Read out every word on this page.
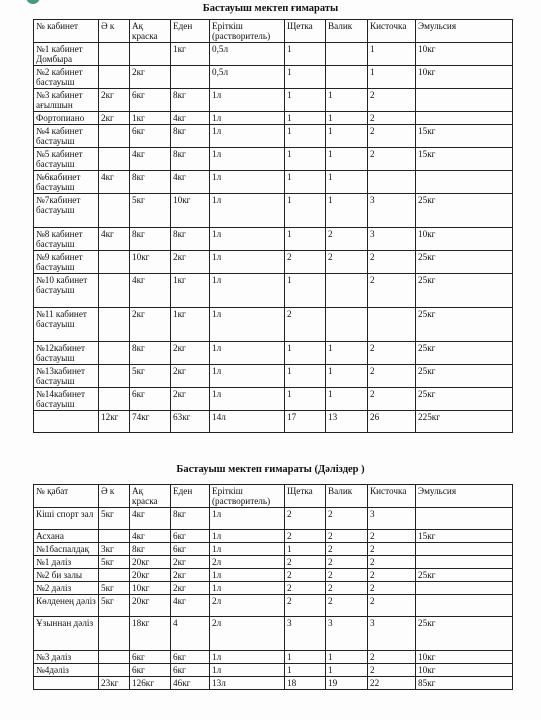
Бастауыш мектеп ғимараты
№ кабинет	Ә к	Ақ краска	Еден	Еріткіш (растворитель)	Щетка	Валик	Кисточка	Эмульсия
№1 кабинет Домбыра			1кг	0,5л	1		1	10кг
№2 кабинет бастауыш		2кг		0,5л	1		1	10кг
№3 кабинет ағылшын	2кг	6кг	8кг	1л	1	1	2	
Фортопиано	2кг	1кг	4кг	1л	1	1	2	
№4 кабинет бастауыш		6кг	8кг	1л	1	1	2	15кг
№5 кабинет бастауыш		4кг	8кг	1л	1	1	2	15кг
№6кабинет бастауыш	4кг	8кг	4кг	1л	1	1		
№7кабинет бастауыш		5кг	10кг	1л	1	1	3	25кг
№8 кабинет бастауыш	4кг	8кг	8кг	1л	1	2	3	10кг
№9 кабинет бастауыш		10кг	2кг	1л	2	2	2	25кг
№10 кабинет бастауыш		4кг	1кг	1л	1		2	25кг
№11 кабинет бастауыш		2кг	1кг	1л	2			25кг
№12кабинет бастауыш		8кг	2кг	1л	1	1	2	25кг
№13кабинет бастауыш		5кг	2кг	1л	1	1	2	25кг
№14кабинет бастауыш		6кг	2кг	1л	1	1	2	25кг
	12кг	74кг	63кг	14л	17	13	26	225кг
Бастауыш мектеп ғимараты (Дәліздер )
№ қабат	Ә к	Ақ краска	Еден	Еріткіш (растворитель)	Щетка	Валик	Кисточка	Эмульсия
Кіші спорт зал	5кг	4кг	8кг	1л	2	2	3	
Асхана		4кг	6кг	1л	2	2	2	15кг
№1баспалдақ	3кг	8кг	6кг	1л	1	2	2	
№1 дәліз	5кг	20кг	2кг	2л	2	2	2	
№2 би залы		20кг	2кг	1л	2	2	2	25кг
№2 дәліз	5кг	10кг	2кг	1л	2	2	2	
Көлденең дәліз	5кг	20кг	4кг	2л	2	2	2	
Ұзыннан дәліз		18кг	4	2л	3	3	3	25кг
№3 дәліз		6кг	6кг	1л	1	1	2	10кг
№4дәліз		6кг	6кг	1л	1	1	2	10кг
	23кг	126кг	46кг	13л	18	19	22	85кг
